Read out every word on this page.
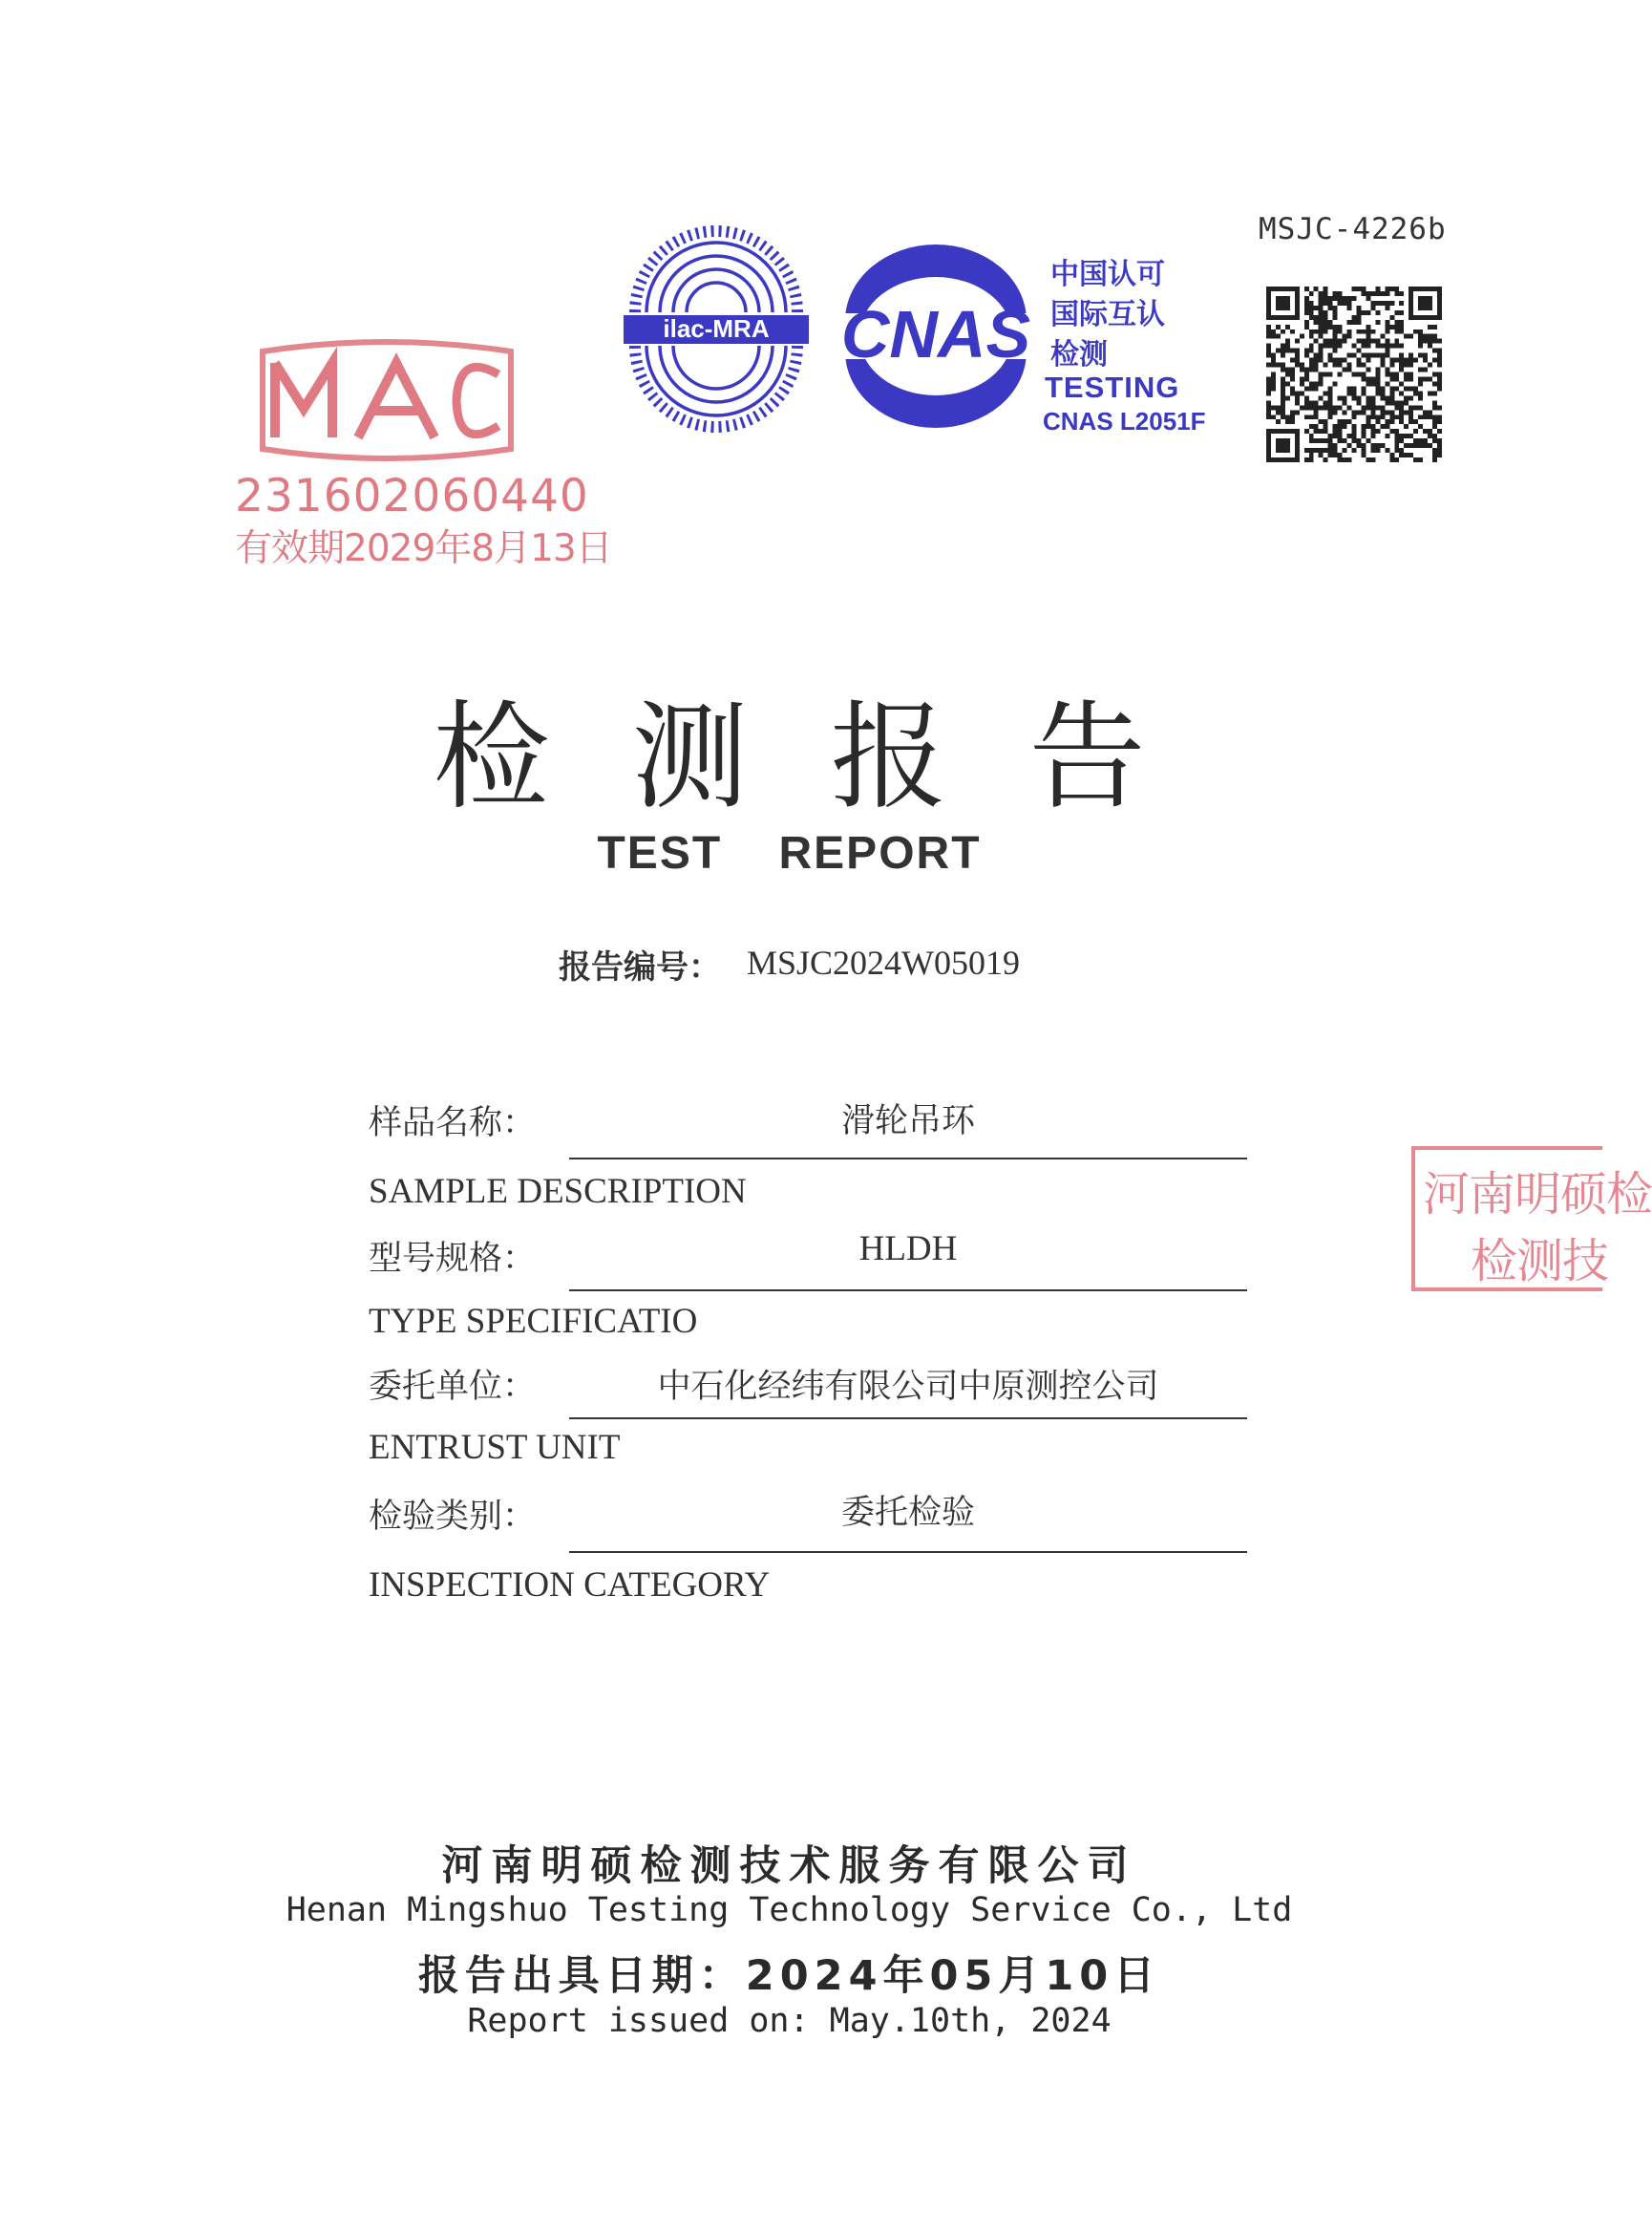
MSJC-4226b
MA
231602060440
有效期2029年8月13日
ilac-MRA CNAS
中国认可
国际互认
检测
TESTING
CNAS L2051F
检测报告
TEST REPORT
报告编号： MSJC2024W05019
样品名称：	滑轮吊环
SAMPLE DESCRIPTION
型号规格：	HLDH
TYPE SPECIFICATIO
委托单位：	中石化经纬有限公司中原测控公司
ENTRUST UNIT
检验类别：	委托检验
INSPECTION CATEGORY
河南明硕检
检测技
河南明硕检测技术服务有限公司
Henan Mingshuo Testing Technology Service Co., Ltd
报告出具日期：2024年05月10日
Report issued on: May.10th, 2024
